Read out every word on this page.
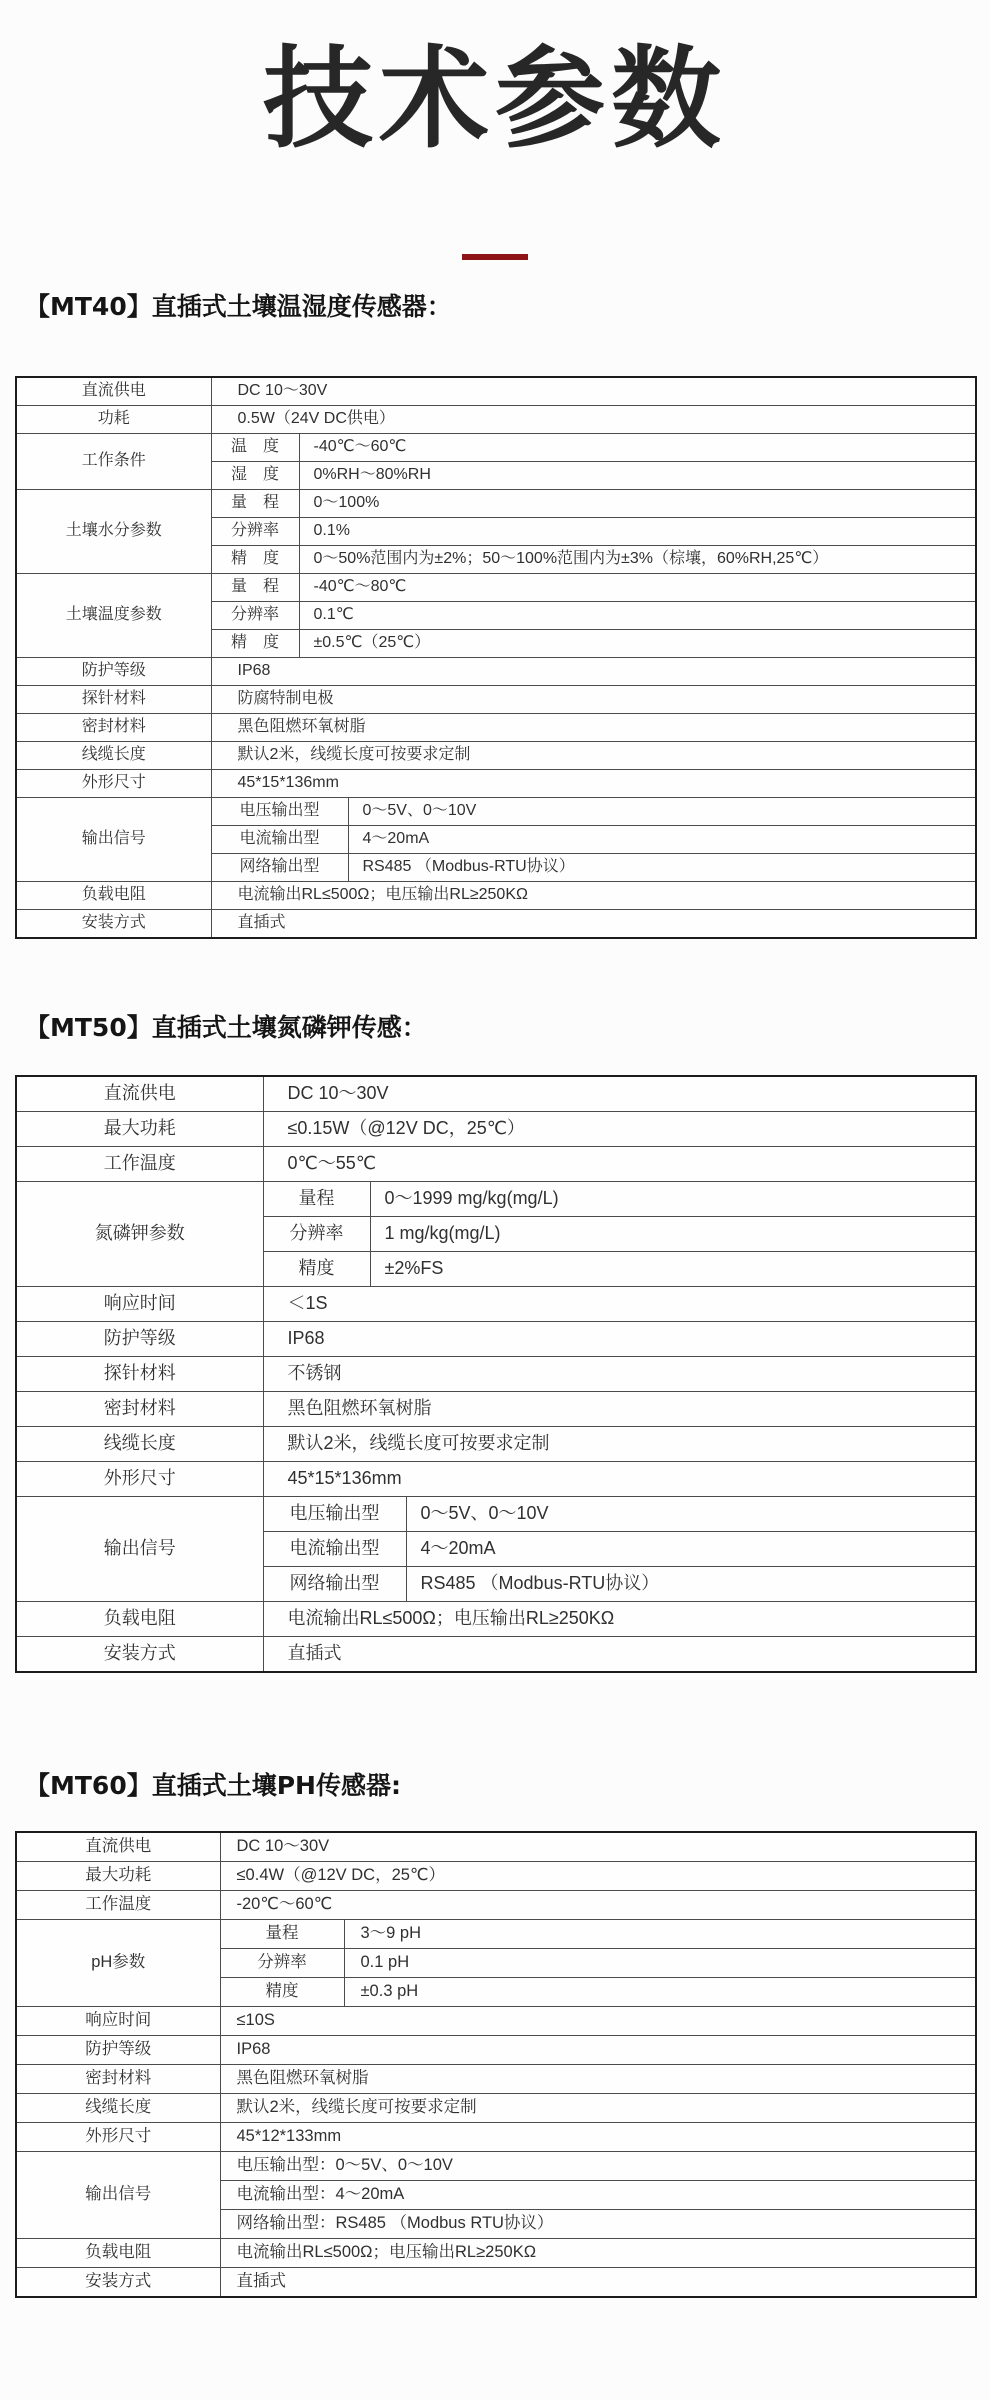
技术参数
【MT40】直插式土壤温湿度传感器：
直流供电	DC 10～30V		
功耗	0.5W（24V DC供电）		
工作条件	温　度	-40℃～60℃	
	湿　度	0%RH～80%RH	
土壤水分参数	量　程	0～100%	
	分辨率	0.1%	
	精　度	0～50%范围内为±2%；50～100%范围内为±3%（棕壤，60%RH,25℃）	
土壤温度参数	量　程	-40℃～80℃	
	分辨率	0.1℃	
	精　度	±0.5℃（25℃）	
防护等级	IP68		
探针材料	防腐特制电极		
密封材料	黑色阻燃环氧树脂		
线缆长度	默认2米，线缆长度可按要求定制		
外形尺寸	45*15*136mm		
输出信号	电压输出型		0～5V、0～10V
	电流输出型		4～20mA
	网络输出型		RS485 （Modbus-RTU协议）
负载电阻	电流输出RL≤500Ω；电压输出RL≥250KΩ		
安装方式	直插式		
【MT50】直插式土壤氮磷钾传感：
直流供电	DC 10～30V		
最大功耗	≤0.15W（@12V DC，25℃）		
工作温度	0℃～55℃		
氮磷钾参数	量程	0～1999 mg/kg(mg/L)	
	分辨率	1 mg/kg(mg/L)	
	精度	±2%FS	
响应时间	＜1S		
防护等级	IP68		
探针材料	不锈钢		
密封材料	黑色阻燃环氧树脂		
线缆长度	默认2米，线缆长度可按要求定制		
外形尺寸	45*15*136mm		
输出信号	电压输出型		0～5V、0～10V
	电流输出型		4～20mA
	网络输出型		RS485 （Modbus-RTU协议）
负载电阻	电流输出RL≤500Ω；电压输出RL≥250KΩ		
安装方式	直插式		
【MT60】直插式土壤PH传感器:
直流供电	DC 10～30V	
最大功耗	≤0.4W（@12V DC，25℃）	
工作温度	-20℃～60℃	
pH参数	量程	3～9 pH
	分辨率	0.1 pH
	精度	±0.3 pH
响应时间	≤10S	
防护等级	IP68	
密封材料	黑色阻燃环氧树脂	
线缆长度	默认2米，线缆长度可按要求定制	
外形尺寸	45*12*133mm	
输出信号	电压输出型：0～5V、0～10V	
	电流输出型：4～20mA	
	网络输出型：RS485 （Modbus RTU协议）	
负载电阻	电流输出RL≤500Ω；电压输出RL≥250KΩ	
安装方式	直插式	
